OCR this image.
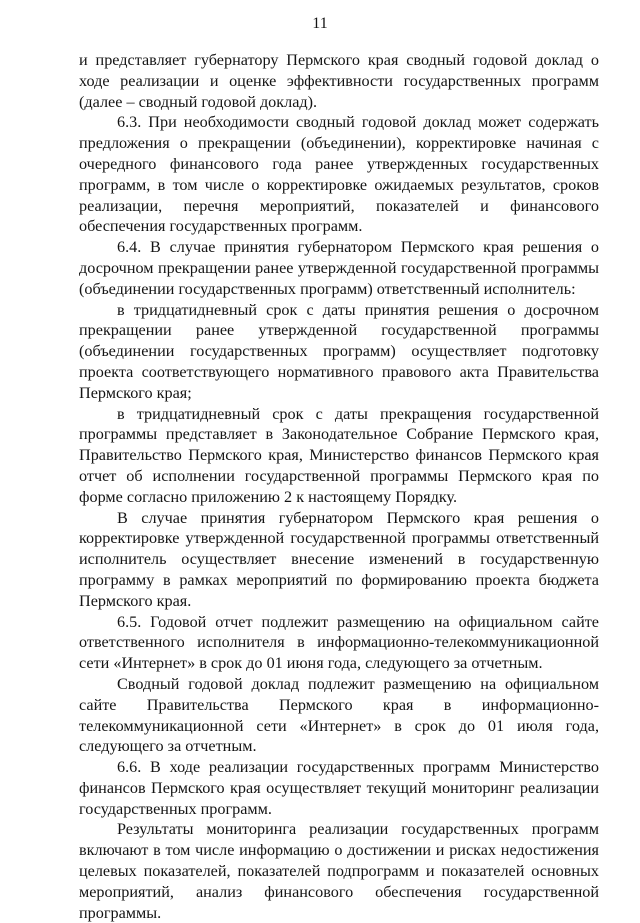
11

и представляет губернатору Пермского края сводный годовой доклад о ходе реализации и оценке эффективности государственных программ (далее – сводный годовой доклад).

6.3. При необходимости сводный годовой доклад может содержать предложения о прекращении (объединении), корректировке начиная с очередного финансового года ранее утвержденных государственных программ, в том числе о корректировке ожидаемых результатов, сроков реализации, перечня мероприятий, показателей и финансового обеспечения государственных программ.

6.4. В случае принятия губернатором Пермского края решения о досрочном прекращении ранее утвержденной государственной программы (объединении государственных программ) ответственный исполнитель:

в тридцатидневный срок с даты принятия решения о досрочном прекращении ранее утвержденной государственной программы (объединении государственных программ) осуществляет подготовку проекта соответствующего нормативного правового акта Правительства Пермского края;

в тридцатидневный срок с даты прекращения государственной программы представляет в Законодательное Собрание Пермского края, Правительство Пермского края, Министерство финансов Пермского края отчет об исполнении государственной программы Пермского края по форме согласно приложению 2 к настоящему Порядку.

В случае принятия губернатором Пермского края решения о корректировке утвержденной государственной программы ответственный исполнитель осуществляет внесение изменений в государственную программу в рамках мероприятий по формированию проекта бюджета Пермского края.

6.5. Годовой отчет подлежит размещению на официальном сайте ответственного исполнителя в информационно-телекоммуникационной сети «Интернет» в срок до 01 июня года, следующего за отчетным.

Сводный годовой доклад подлежит размещению на официальном сайте Правительства Пермского края в информационно-телекоммуникационной сети «Интернет» в срок до 01 июля года, следующего за отчетным.

6.6. В ходе реализации государственных программ Министерство финансов Пермского края осуществляет текущий мониторинг реализации государственных программ.

Результаты мониторинга реализации государственных программ включают в том числе информацию о достижении и рисках недостижения целевых показателей, показателей подпрограмм и показателей основных мероприятий, анализ финансового обеспечения государственной программы.
